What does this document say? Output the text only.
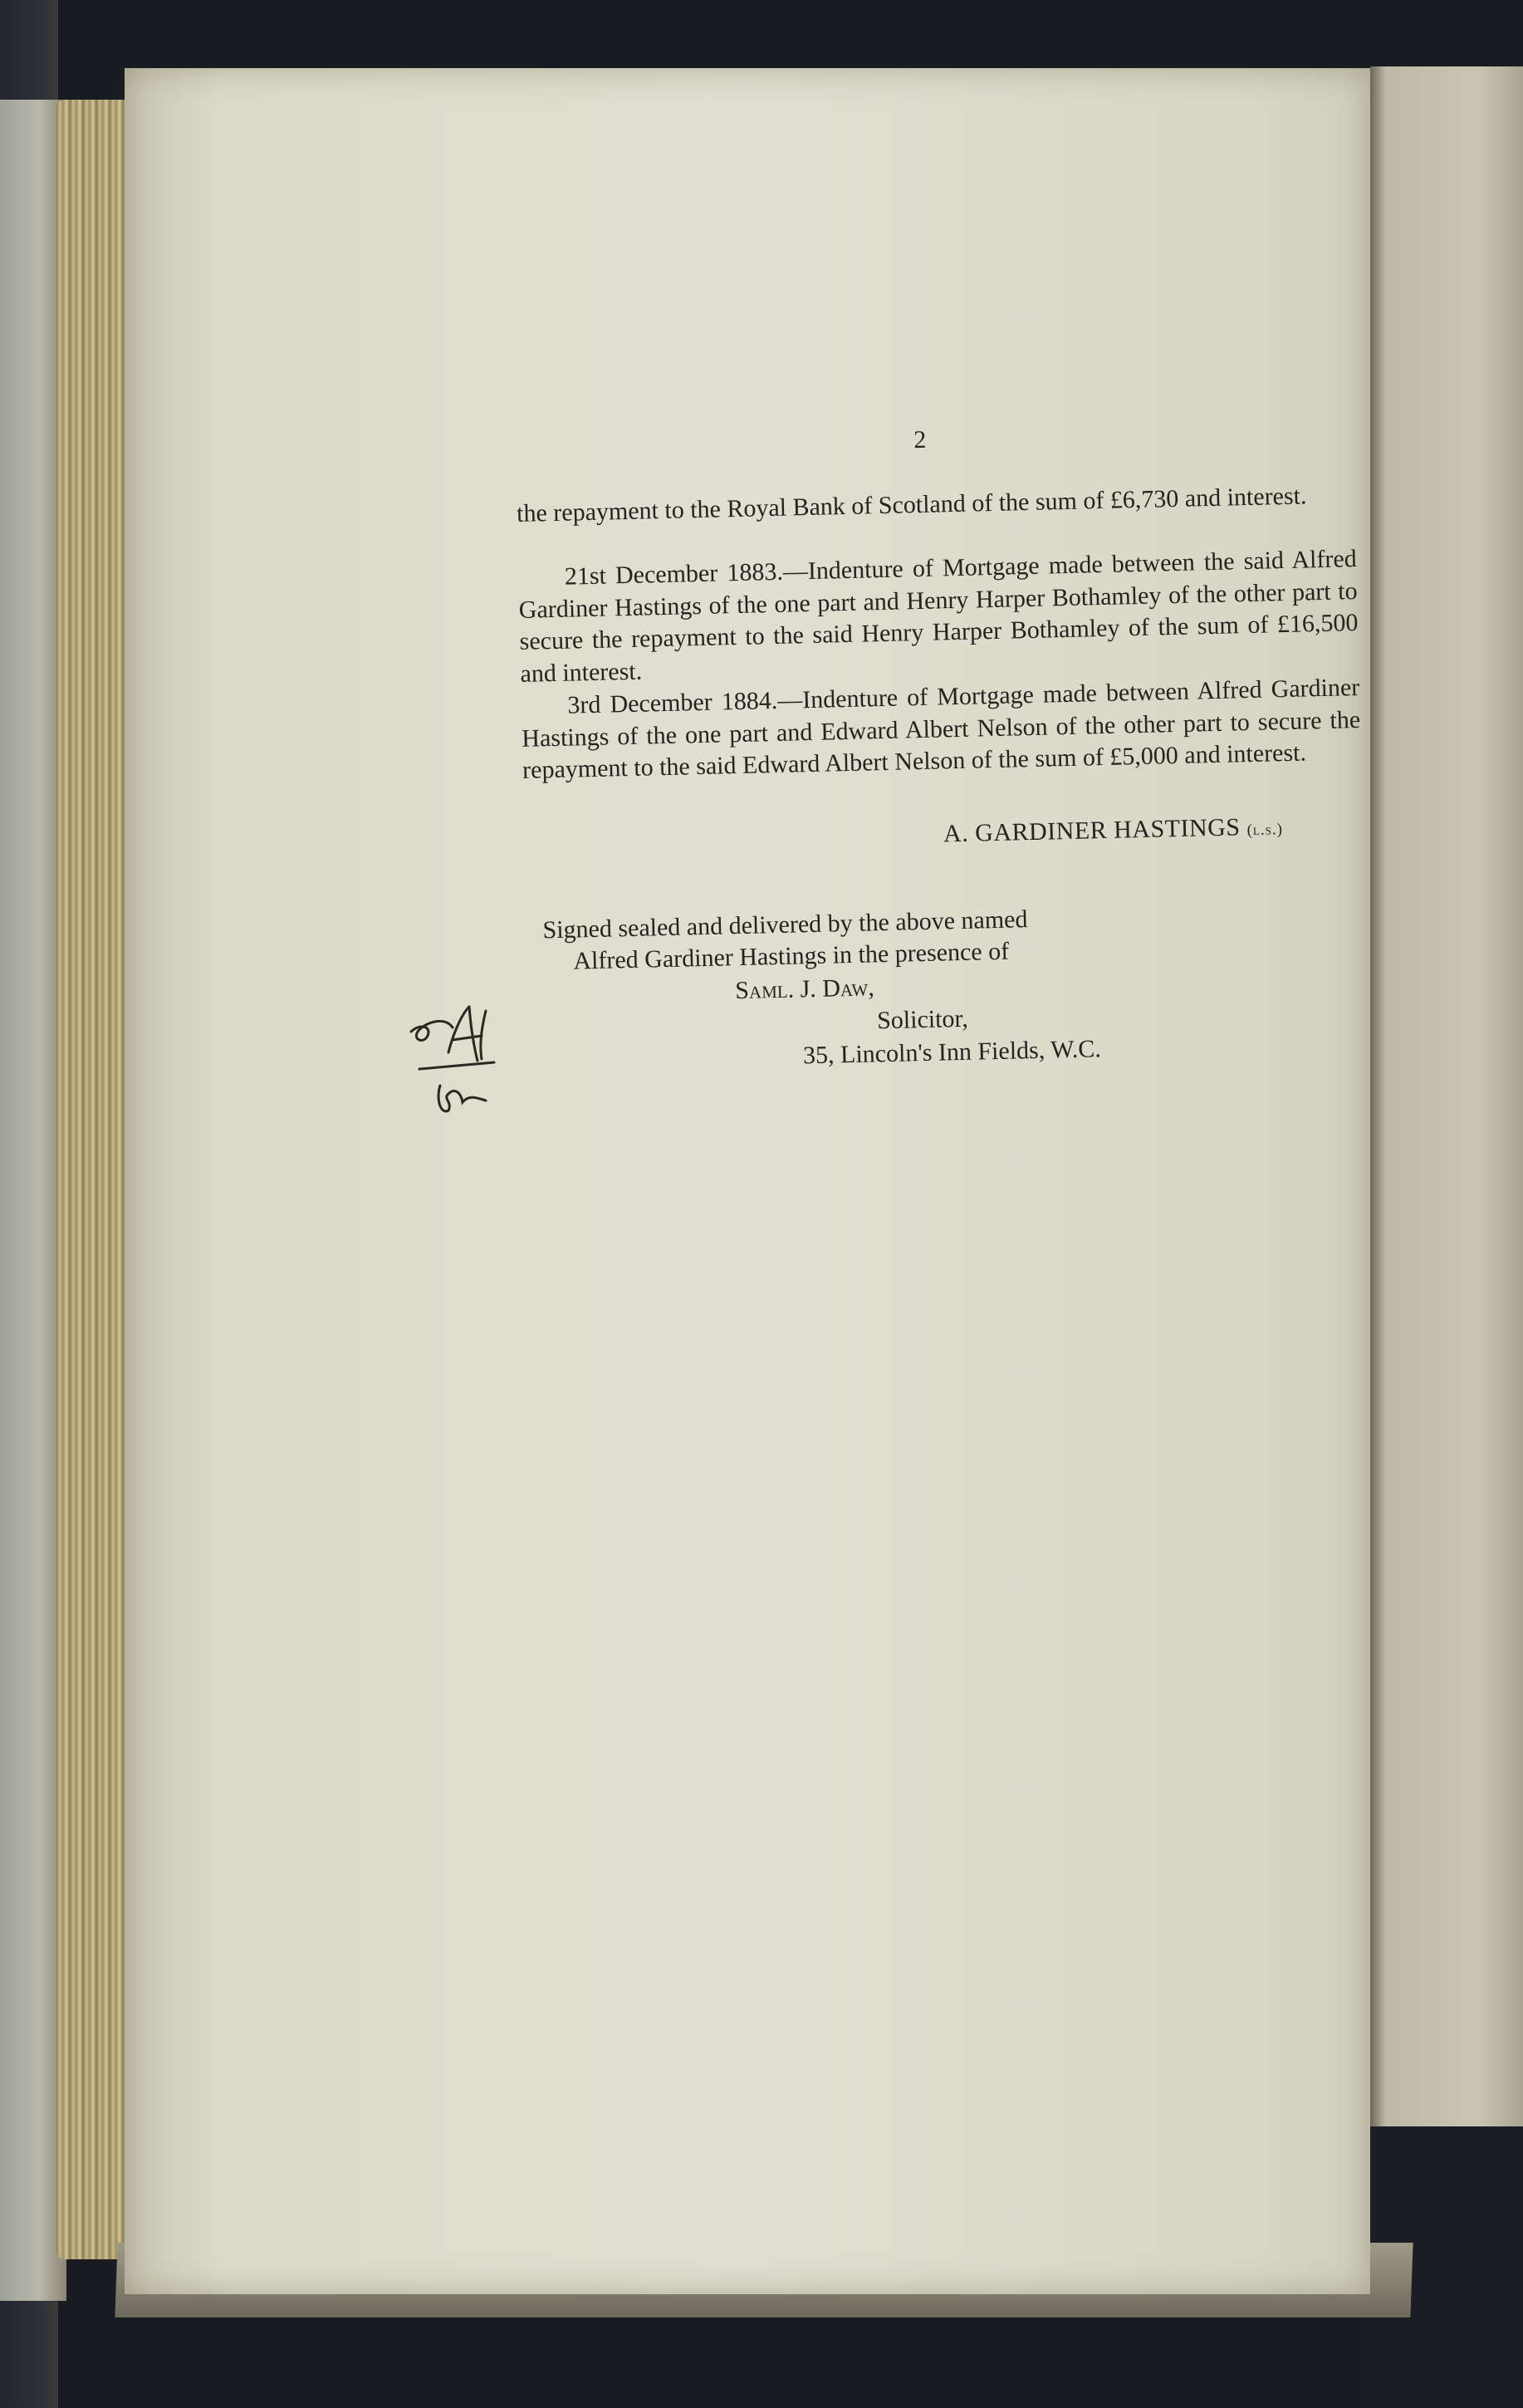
2
the repayment to the Royal Bank of Scotland of the sum of £6,730 and interest.
21st December 1883.—Indenture of Mortgage made between the said Alfred Gardiner Hastings of the one part and Henry Harper Bothamley of the other part to secure the repayment to the said Henry Harper Bothamley of the sum of £16,500 and interest.
3rd December 1884.—Indenture of Mortgage made between Alfred Gardiner Hastings of the one part and Edward Albert Nelson of the other part to secure the repayment to the said Edward Albert Nelson of the sum of £5,000 and interest.
A. GARDINER HASTINGS (l.s.)
Signed sealed and delivered by the above named
Alfred Gardiner Hastings in the presence of
Saml. J. Daw,
Solicitor,
35, Lincoln's Inn Fields, W.C.
